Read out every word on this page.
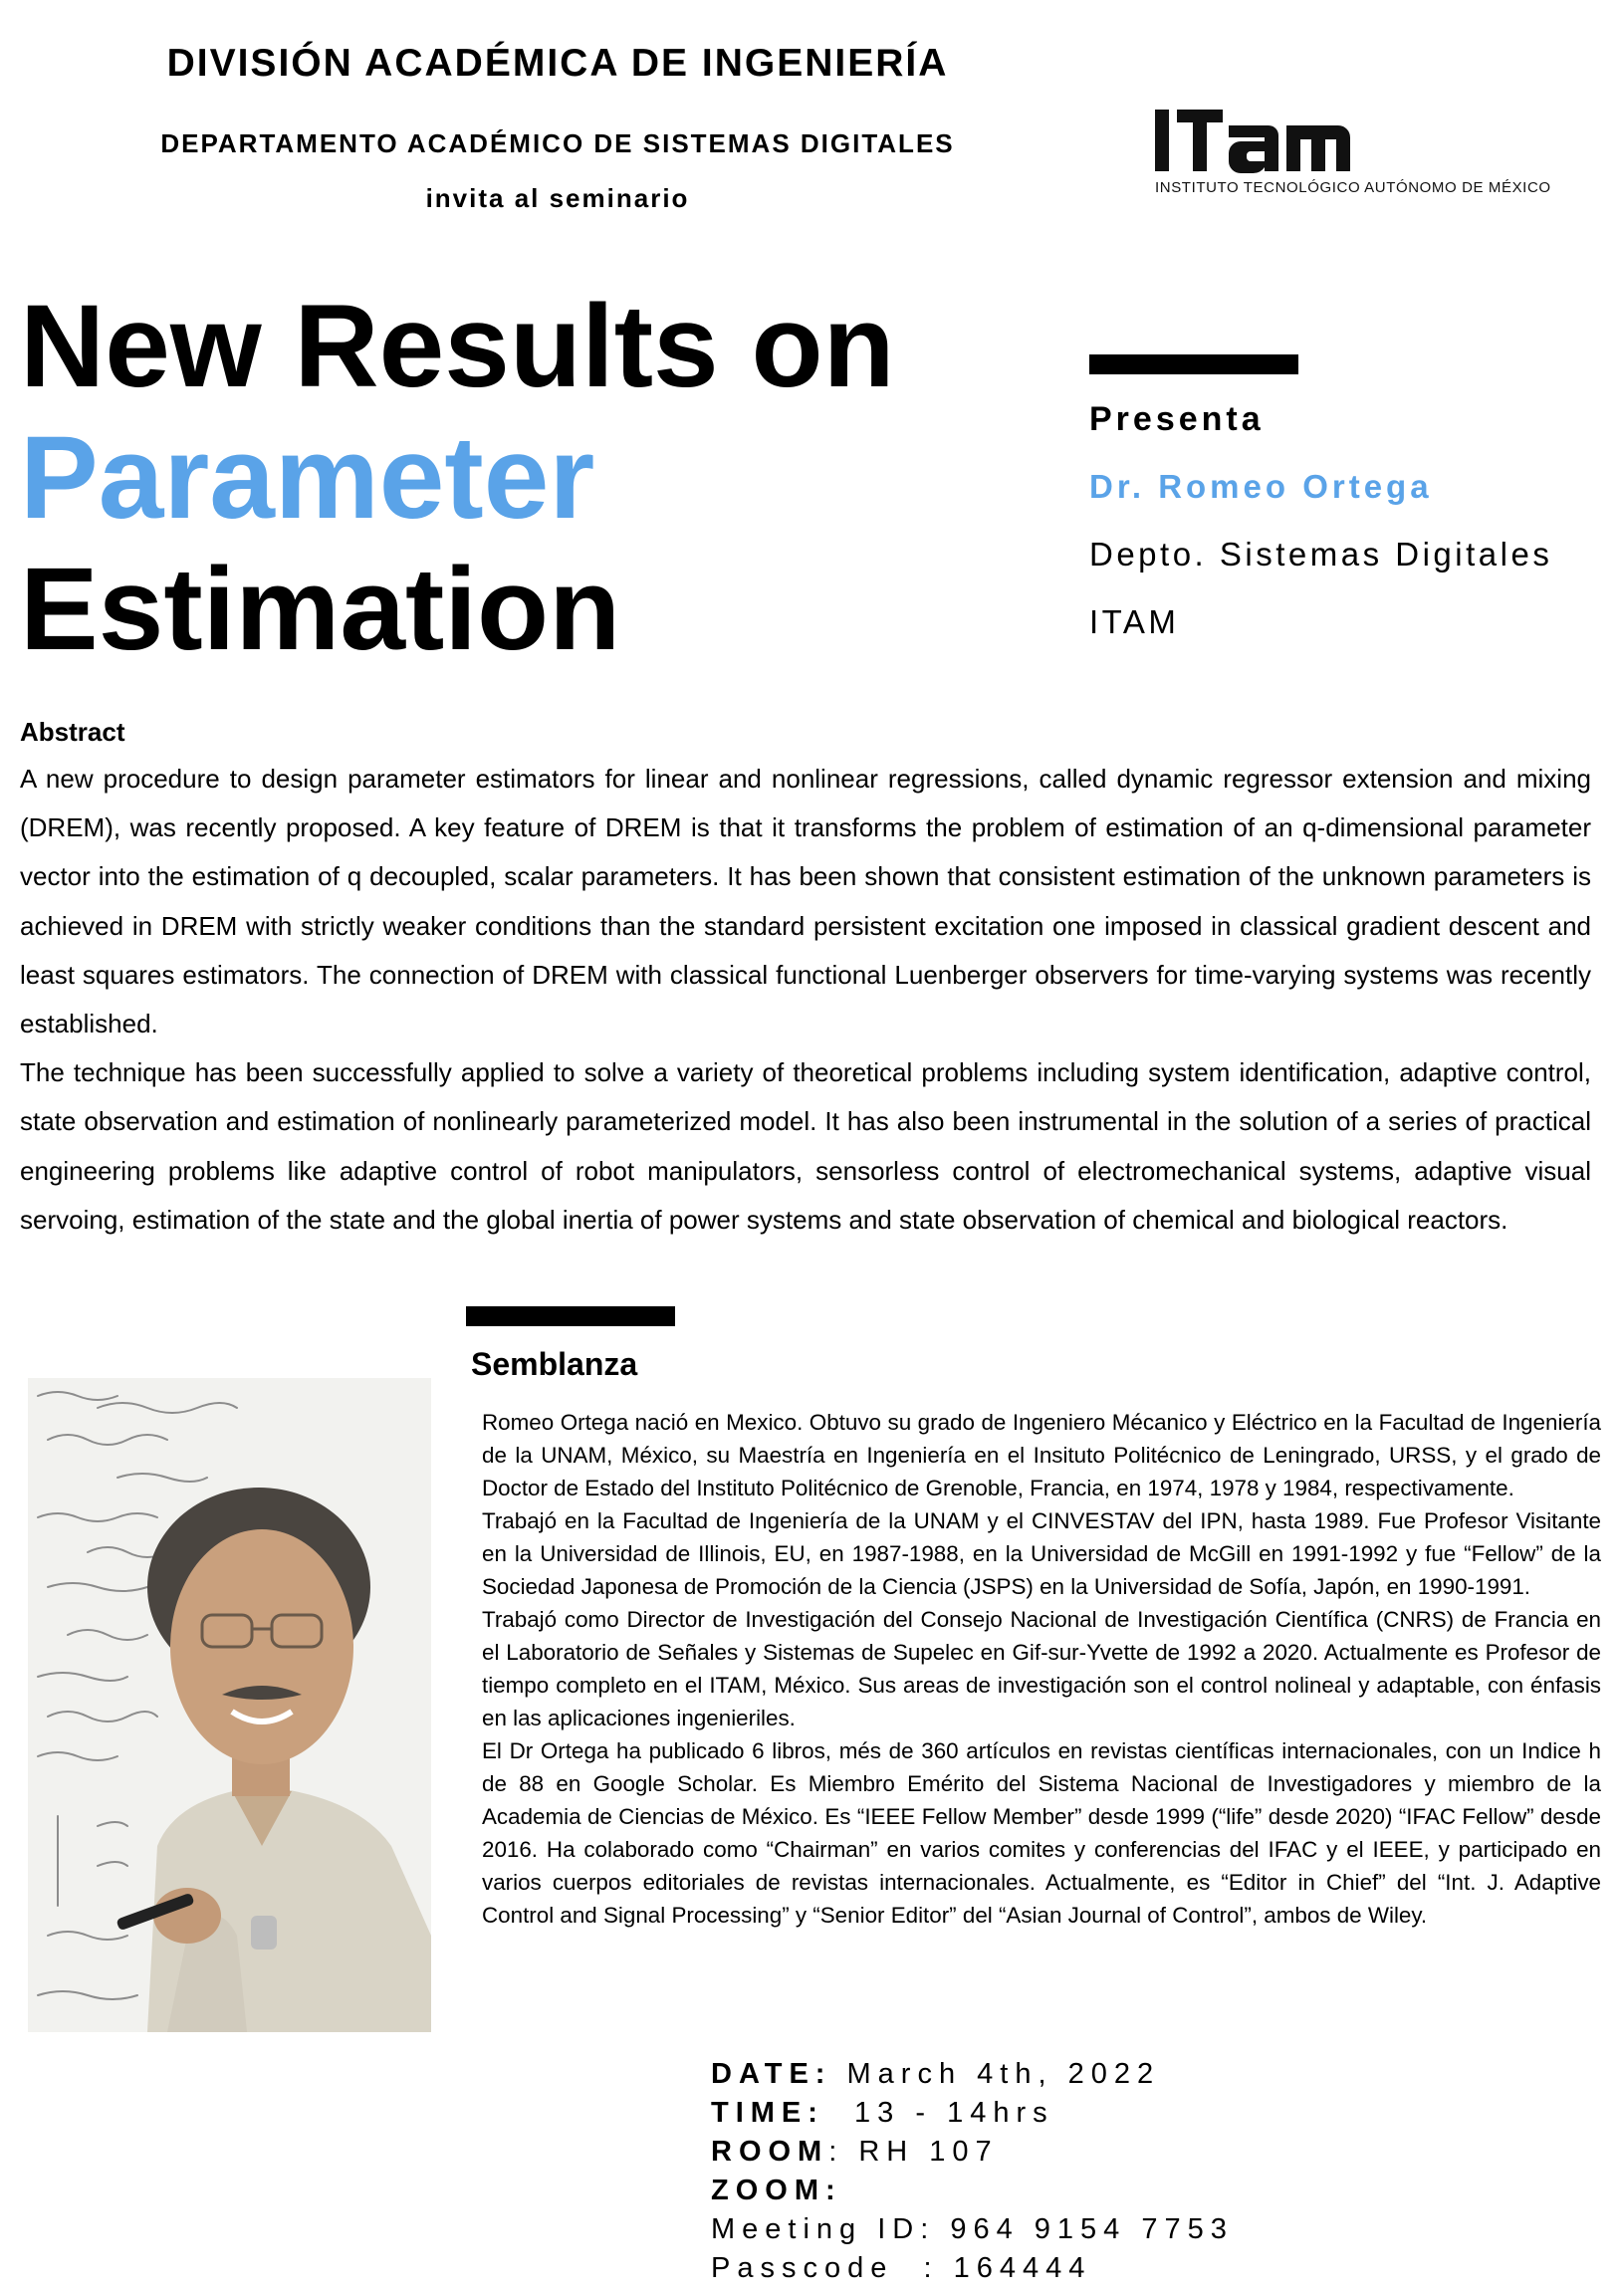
DIVISIÓN ACADÉMICA DE INGENIERÍA
DEPARTAMENTO ACADÉMICO DE SISTEMAS DIGITALES
invita al seminario	INSTITUTO TECNOLÓGICO AUTÓNOMO DE MÉXICO
New Results on
Parameter
Estimation
Presenta
Dr. Romeo Ortega
Depto. Sistemas Digitales
ITAM
Abstract

A new procedure to design parameter estimators for linear and nonlinear regressions, called dynamic regressor extension and mixing (DREM), was recently proposed. A key feature of DREM is that it transforms the problem of estimation of an q-dimensional parameter vector into the estimation of q decoupled, scalar parameters. It has been shown that consistent estimation of the unknown parameters is achieved in DREM with strictly weaker conditions than the standard persistent excitation one imposed in classical gradient descent and least squares estimators. The connection of DREM with classical functional Luenberger observers for time-varying systems was recently established.

The technique has been successfully applied to solve a variety of theoretical problems including system identification, adaptive control, state observation and estimation of nonlinearly parameterized model. It has also been instrumental in the solution of a series of practical engineering problems like adaptive control of robot manipulators, sensorless control of electromechanical systems, adaptive visual servoing, estimation of the state and the global inertia of power systems and state observation of chemical and biological reactors.

Semblanza

Romeo Ortega nació en Mexico. Obtuvo su grado de Ingeniero Mécanico y Eléctrico en la Facultad de Ingeniería de la UNAM, México, su Maestría en Ingeniería en el Insituto Politécnico de Leningrado, URSS, y el grado de Doctor de Estado del Instituto Politécnico de Grenoble, Francia, en 1974, 1978 y 1984, respectivamente.

Trabajó en la Facultad de Ingeniería de la UNAM y el CINVESTAV del IPN, hasta 1989. Fue Profesor Visitante en la Universidad de Illinois, EU, en 1987-1988, en la Universidad de McGill en 1991-1992 y fue “Fellow” de la Sociedad Japonesa de Promoción de la Ciencia (JSPS) en la Universidad de Sofía, Japón, en 1990-1991.

Trabajó como Director de Investigación del Consejo Nacional de Investigación Científica (CNRS) de Francia en el Laboratorio de Señales y Sistemas de Supelec en Gif-sur-Yvette de 1992 a 2020. Actualmente es Profesor de tiempo completo en el ITAM, México. Sus areas de investigación son el control nolineal y adaptable, con énfasis en las aplicaciones ingenieriles.

El Dr Ortega ha publicado 6 libros, més de 360 artículos en revistas científicas internacionales, con un Indice h de 88 en Google Scholar. Es Miembro Emérito del Sistema Nacional de Investigadores y miembro de la Academia de Ciencias de México. Es “IEEE Fellow Member” desde 1999 (“life” desde 2020) “IFAC Fellow” desde 2016. Ha colaborado como “Chairman” en varios comites y conferencias del IFAC y el IEEE, y participado en varios cuerpos editoriales de revistas internacionales. Actualmente, es “Editor in Chief” del “Int. J. Adaptive Control and Signal Processing” y “Senior Editor” del “Asian Journal of Control”, ambos de Wiley.

DATE: March 4th, 2022
TIME:  13 - 14hrs
ROOM: RH 107
ZOOM:
Meeting ID: 964 9154 7753
Passcode  : 164444
